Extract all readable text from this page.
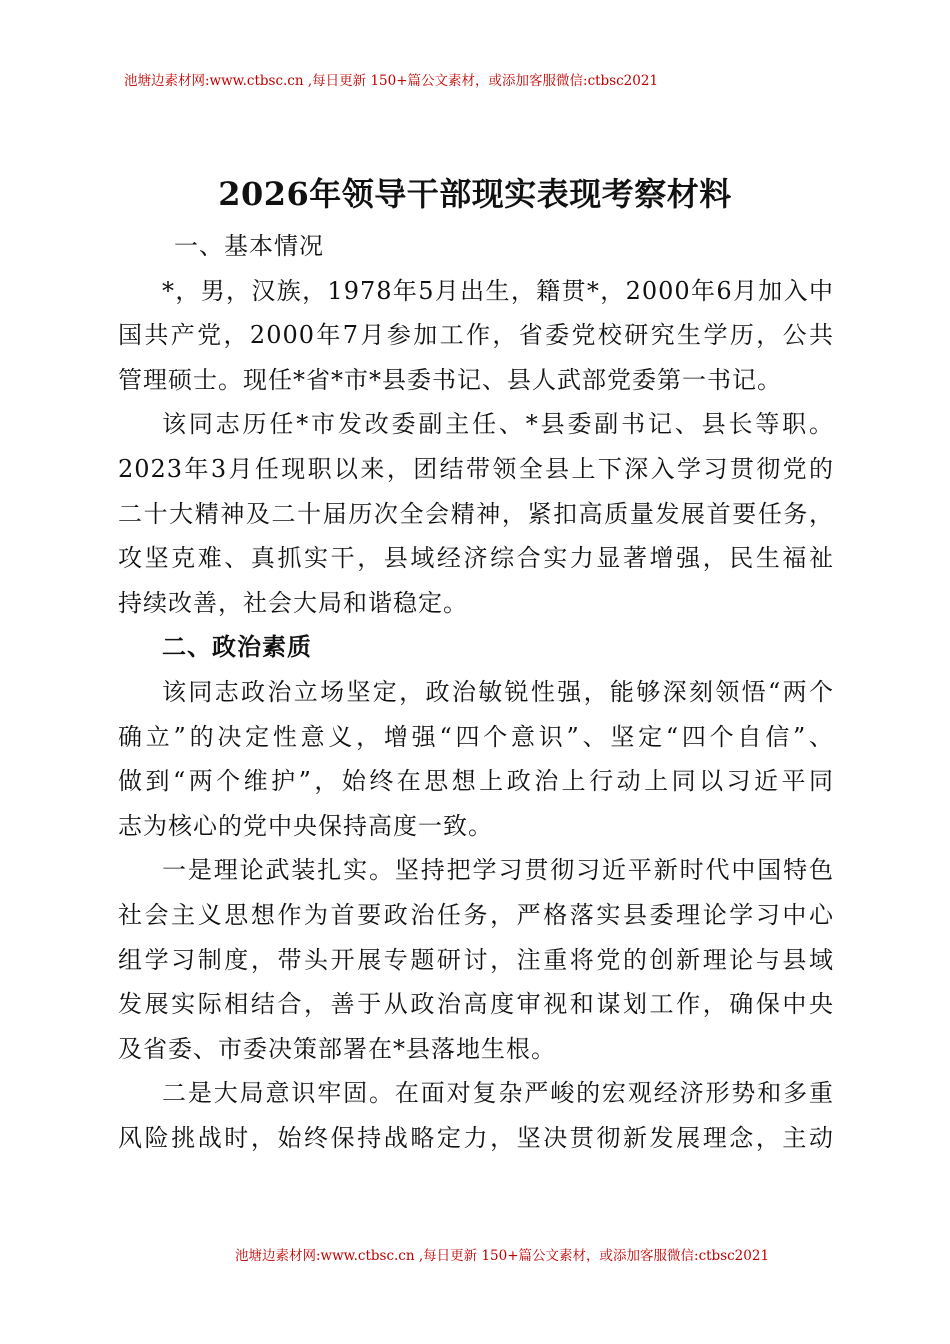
池塘边素材网:www.ctbsc.cn ,每日更新 150+篇公文素材，或添加客服微信:ctbsc2021
2026年领导干部现实表现考察材料
一、基本情况
*，男，汉族，1978年5月出生，籍贯*，2000年6月加入中
国共产党，2000年7月参加工作，省委党校研究生学历，公共
管理硕士。现任*省*市*县委书记、县人武部党委第一书记。
该同志历任*市发改委副主任、*县委副书记、县长等职。
2023年3月任现职以来，团结带领全县上下深入学习贯彻党的
二十大精神及二十届历次全会精神，紧扣高质量发展首要任务，
攻坚克难、真抓实干，县域经济综合实力显著增强，民生福祉
持续改善，社会大局和谐稳定。
二、政治素质
该同志政治立场坚定，政治敏锐性强，能够深刻领悟“两个
确立”的决定性意义，增强“四个意识”、坚定“四个自信”、
做到“两个维护”，始终在思想上政治上行动上同以习近平同
志为核心的党中央保持高度一致。
一是理论武装扎实。坚持把学习贯彻习近平新时代中国特色
社会主义思想作为首要政治任务，严格落实县委理论学习中心
组学习制度，带头开展专题研讨，注重将党的创新理论与县域
发展实际相结合，善于从政治高度审视和谋划工作，确保中央
及省委、市委决策部署在*县落地生根。
二是大局意识牢固。在面对复杂严峻的宏观经济形势和多重
风险挑战时，始终保持战略定力，坚决贯彻新发展理念，主动
池塘边素材网:www.ctbsc.cn ,每日更新 150+篇公文素材，或添加客服微信:ctbsc2021
